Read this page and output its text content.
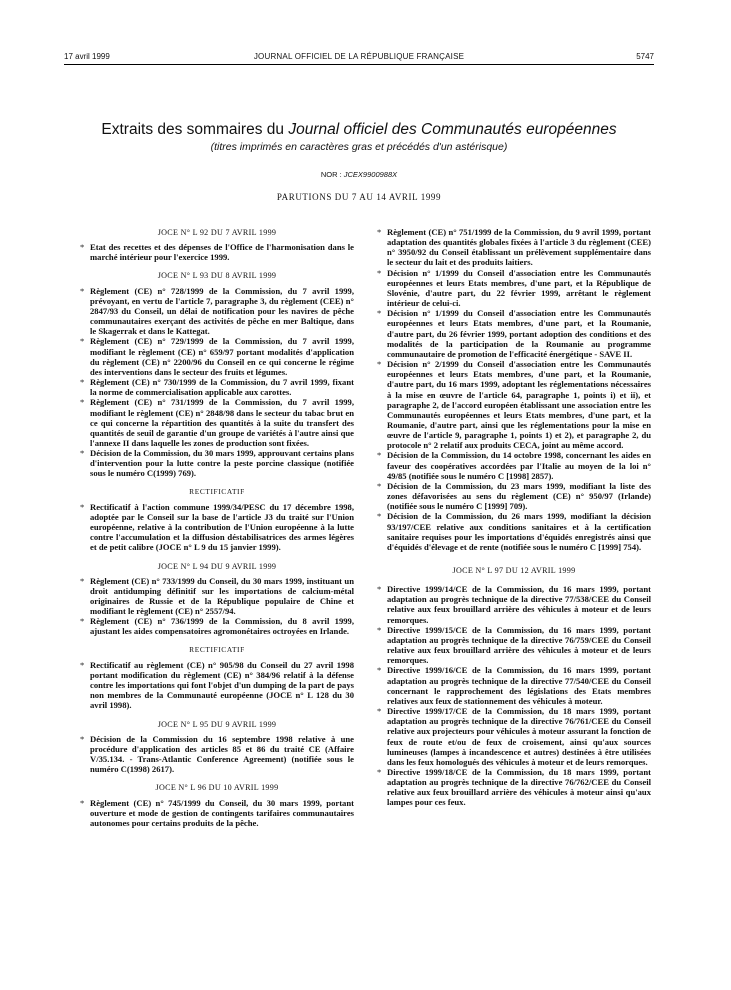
17 avril 1999	JOURNAL OFFICIEL DE LA RÉPUBLIQUE FRANÇAISE	5747
Extraits des sommaires du Journal officiel des Communautés européennes
(titres imprimés en caractères gras et précédés d'un astérisque)
NOR : JCEX9900988X
PARUTIONS DU 7 AU 14 AVRIL 1999
JOCE N° L 92 DU 7 AVRIL 1999
* Etat des recettes et des dépenses de l'Office de l'harmonisation dans le marché intérieur pour l'exercice 1999.
JOCE N° L 93 DU 8 AVRIL 1999
* Règlement (CE) n° 728/1999 de la Commission, du 7 avril 1999, prévoyant, en vertu de l'article 7, paragraphe 3, du règlement (CEE) n° 2847/93 du Conseil, un délai de notification pour les navires de pêche communautaires exerçant des activités de pêche en mer Baltique, dans le Skagerrak et dans le Kattegat.
* Règlement (CE) n° 729/1999 de la Commission, du 7 avril 1999, modifiant le règlement (CE) n° 659/97 portant modalités d'application du règlement (CE) n° 2200/96 du Conseil en ce qui concerne le régime des interventions dans le secteur des fruits et légumes.
* Règlement (CE) n° 730/1999 de la Commission, du 7 avril 1999, fixant la norme de commercialisation applicable aux carottes.
* Règlement (CE) n° 731/1999 de la Commission, du 7 avril 1999, modifiant le règlement (CE) n° 2848/98 dans le secteur du tabac brut en ce qui concerne la répartition des quantités à la suite du transfert des quantités de seuil de garantie d'un groupe de variétés à l'autre ainsi que l'annexe II dans laquelle les zones de production sont fixées.
* Décision de la Commission, du 30 mars 1999, approuvant certains plans d'intervention pour la lutte contre la peste porcine classique (notifiée sous le numéro C(1999) 769).
RECTIFICATIF
* Rectificatif à l'action commune 1999/34/PESC du 17 décembre 1998, adoptée par le Conseil sur la base de l'article J3 du traité sur l'Union européenne, relative à la contribution de l'Union européenne à la lutte contre l'accumulation et la diffusion déstabilisatrices des armes légères et de petit calibre (JOCE n° L 9 du 15 janvier 1999).
JOCE N° L 94 DU 9 AVRIL 1999
* Règlement (CE) n° 733/1999 du Conseil, du 30 mars 1999, instituant un droit antidumping définitif sur les importations de calcium-métal originaires de Russie et de la République populaire de Chine et modifiant le règlement (CE) n° 2557/94.
* Règlement (CE) n° 736/1999 de la Commission, du 8 avril 1999, ajustant les aides compensatoires agromonétaires octroyées en Irlande.
RECTIFICATIF
* Rectificatif au règlement (CE) n° 905/98 du Conseil du 27 avril 1998 portant modification du règlement (CE) n° 384/96 relatif à la défense contre les importations qui font l'objet d'un dumping de la part de pays non membres de la Communauté européenne (JOCE n° L 128 du 30 avril 1998).
JOCE N° L 95 DU 9 AVRIL 1999
* Décision de la Commission du 16 septembre 1998 relative à une procédure d'application des articles 85 et 86 du traité CE (Affaire V/35.134. - Trans-Atlantic Conference Agreement) (notifiée sous le numéro C(1998) 2617).
JOCE N° L 96 DU 10 AVRIL 1999
* Règlement (CE) n° 745/1999 du Conseil, du 30 mars 1999, portant ouverture et mode de gestion de contingents tarifaires communautaires autonomes pour certains produits de la pêche.
* Règlement (CE) n° 751/1999 de la Commission, du 9 avril 1999, portant adaptation des quantités globales fixées à l'article 3 du règlement (CEE) n° 3950/92 du Conseil établissant un prélèvement supplémentaire dans le secteur du lait et des produits laitiers.
* Décision n° 1/1999 du Conseil d'association entre les Communautés européennes et leurs Etats membres, d'une part, et la République de Slovénie, d'autre part, du 22 février 1999, arrêtant le règlement intérieur de celui-ci.
* Décision n° 1/1999 du Conseil d'association entre les Communautés européennes et leurs Etats membres, d'une part, et la Roumanie, d'autre part, du 26 février 1999, portant adoption des conditions et des modalités de la participation de la Roumanie au programme communautaire de promotion de l'efficacité énergétique - SAVE II.
* Décision n° 2/1999 du Conseil d'association entre les Communautés européennes et leurs Etats membres, d'une part, et la Roumanie, d'autre part, du 16 mars 1999, adoptant les réglementations nécessaires à la mise en œuvre de l'article 64, paragraphe 1, points i) et ii), et paragraphe 2, de l'accord européen établissant une association entre les Communautés européennes et leurs Etats membres, d'une part, et la Roumanie, d'autre part, ainsi que les réglementations pour la mise en œuvre de l'article 9, paragraphe 1, points 1) et 2), et paragraphe 2, du protocole n° 2 relatif aux produits CECA, joint au même accord.
* Décision de la Commission, du 14 octobre 1998, concernant les aides en faveur des coopératives accordées par l'Italie au moyen de la loi n° 49/85 (notifiée sous le numéro C [1998] 2857).
* Décision de la Commission, du 23 mars 1999, modifiant la liste des zones défavorisées au sens du règlement (CE) n° 950/97 (Irlande) (notifiée sous le numéro C [1999] 709).
* Décision de la Commission, du 26 mars 1999, modifiant la décision 93/197/CEE relative aux conditions sanitaires et à la certification sanitaire requises pour les importations d'équidés enregistrés ainsi que d'équidés d'élevage et de rente (notifiée sous le numéro C [1999] 754).
JOCE N° L 97 DU 12 AVRIL 1999
* Directive 1999/14/CE de la Commission, du 16 mars 1999, portant adaptation au progrès technique de la directive 77/538/CEE du Conseil relative aux feux brouillard arrière des véhicules à moteur et de leurs remorques.
* Directive 1999/15/CE de la Commission, du 16 mars 1999, portant adaptation au progrès technique de la directive 76/759/CEE du Conseil relative aux feux brouillard arrière des véhicules à moteur et de leurs remorques.
* Directive 1999/16/CE de la Commission, du 16 mars 1999, portant adaptation au progrès technique de la directive 77/540/CEE du Conseil concernant le rapprochement des législations des Etats membres relatives aux feux de stationnement des véhicules à moteur.
* Directive 1999/17/CE de la Commission, du 18 mars 1999, portant adaptation au progrès technique de la directive 76/761/CEE du Conseil relative aux projecteurs pour véhicules à moteur assurant la fonction de feux de route et/ou de feux de croisement, ainsi qu'aux sources lumineuses (lampes à incandescence et autres) destinées à être utilisées dans les feux homologués des véhicules à moteur et de leurs remorques.
* Directive 1999/18/CE de la Commission, du 18 mars 1999, portant adaptation au progrès technique de la directive 76/762/CEE du Conseil relative aux feux brouillard arrière des véhicules à moteur ainsi qu'aux lampes pour ces feux.
